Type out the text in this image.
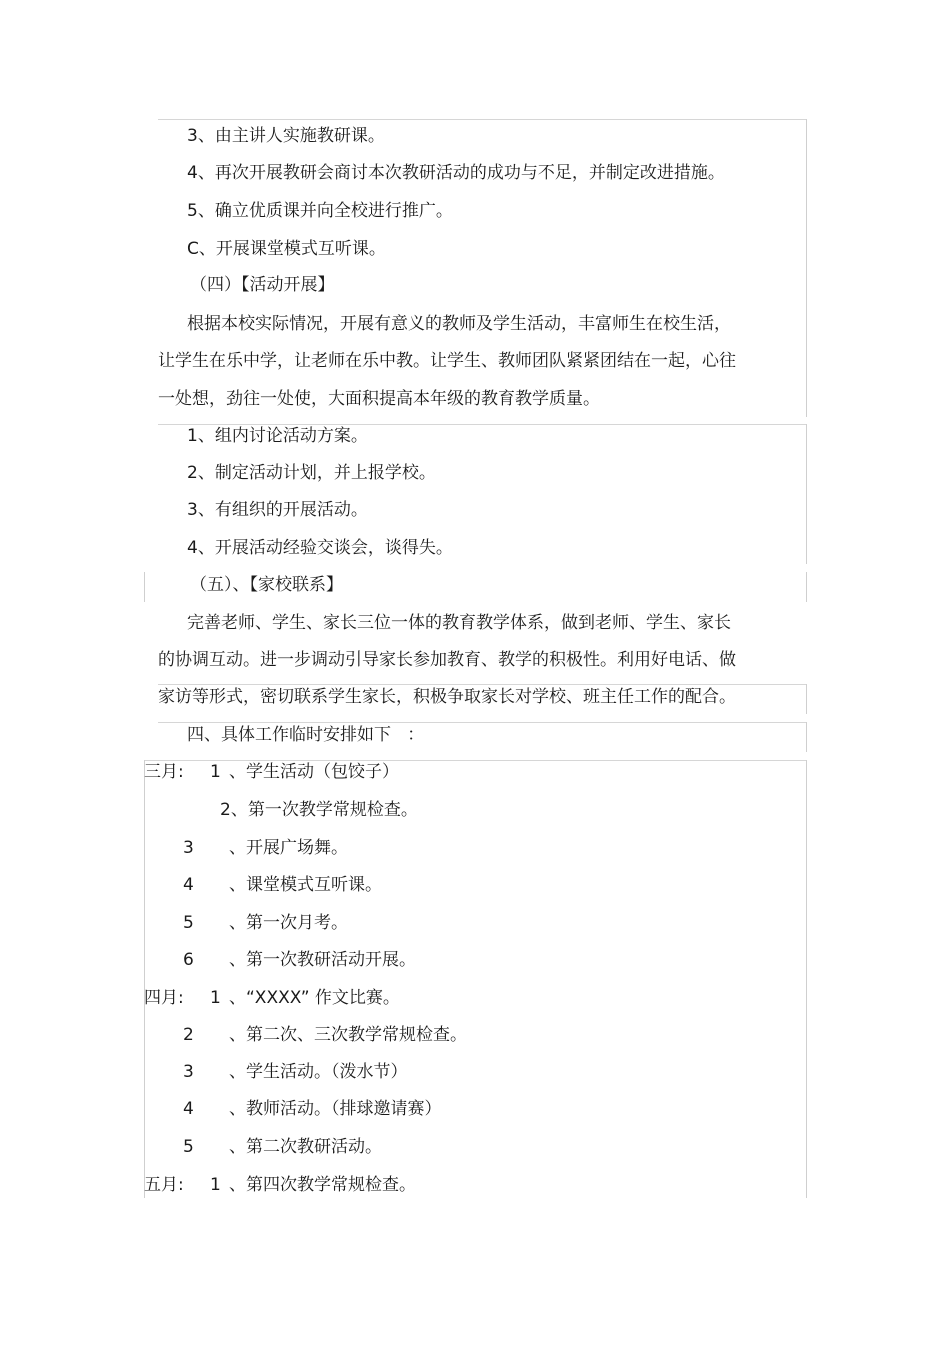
3、由主讲人实施教研课。
4、再次开展教研会商讨本次教研活动的成功与不足，并制定改进措施。
5、确立优质课并向全校进行推广。
C、开展课堂模式互听课。
（四）【活动开展】
根据本校实际情况，开展有意义的教师及学生活动，丰富师生在校生活，
让学生在乐中学，让老师在乐中教。让学生、教师团队紧紧团结在一起，心往
一处想，劲往一处使，大面积提高本年级的教育教学质量。
1、组内讨论活动方案。
2、制定活动计划，并上报学校。
3、有组织的开展活动。
4、开展活动经验交谈会，谈得失。
（五）、【家校联系】
完善老师、学生、家长三位一体的教育教学体系，做到老师、学生、家长
的协调互动。进一步调动引导家长参加教育、教学的积极性。利用好电话、做
家访等形式，密切联系学生家长，积极争取家长对学校、班主任工作的配合。
四、具体工作临时安排如下   ：
三月: 1 、学生活动（包饺子）
2、第一次教学常规检查。
3 、开展广场舞。
4 、课堂模式互听课。
5 、第一次月考。
6 、第一次教研活动开展。
四月: 1 、“XXXX” 作文比赛。
2 、第二次、三次教学常规检查。
3 、学生活动。（泼水节）
4 、教师活动。（排球邀请赛）
5 、第二次教研活动。
五月: 1 、第四次教学常规检查。
